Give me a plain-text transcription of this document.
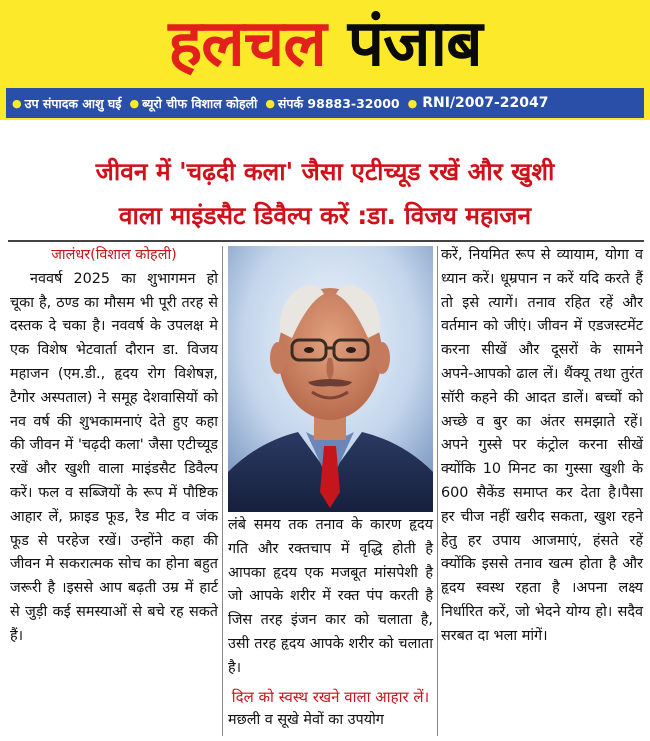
हलचल पंजाब
● उप संपादक आशु घई ● ब्यूरो चीफ विशाल कोहली ● संपर्क 98883-32000 ● RNI/2007-22047
जीवन में 'चढ़दी कला' जैसा एटीच्यूड रखें और खुशी
वाला माइंडसैट डिवैल्प करें :डा. विजय महाजन
जालंधर(विशाल कोहली)

नववर्ष 2025 का शुभागमन हो चूका है, ठण्ड का मौसम भी पूरी तरह से दस्तक दे चका है। नववर्ष के उपलक्ष मे एक विशेष भेटवार्ता दौरान डा. विजय महाजन (एम.डी., हृदय रोग विशेषज्ञ, टैगोर अस्पताल) ने समूह देशवासियों को नव वर्ष की शुभकामनाएं देते हुए कहा की जीवन में 'चढ़दी कला' जैसा एटीच्यूड रखें और खुशी वाला माइंडसैट डिवैल्प करें। फल व सब्जियों के रूप में पौष्टिक आहार लें, फ्राइड फूड, रैड मीट व जंक फूड से परहेज रखें। उन्होंने कहा की जीवन मे सकरात्मक सोच का होना बहुत जरूरी है ।इससे आप बढ़ती उम्र में हार्ट से जुड़ी कई समस्याओं से बचे रह सकते हैं।

लंबे समय तक तनाव के कारण हृदय गति और रक्तचाप में वृद्धि होती है आपका हृदय एक मजबूत मांसपेशी है जो आपके शरीर में रक्त पंप करती है जिस तरह इंजन कार को चलाता है, उसी तरह हृदय आपके शरीर को चलाता है।

दिल को स्वस्थ रखने वाला आहार लें।

मछली व सूखे मेवों का उपयोग

करें, नियमित रूप से व्यायाम, योगा व ध्यान करें। धूम्रपान न करें यदि करते हैं तो इसे त्यागें। तनाव रहित रहें और वर्तमान को जीएं। जीवन में एडजस्टमेंट करना सीखें और दूसरों के सामने अपने-आपको ढाल लें। थैंक्यू तथा तुरंत सॉरी कहने की आदत डालें। बच्चों को अच्छे व बुर का अंतर समझाते रहें। अपने गुस्से पर कंट्रोल करना सीखें क्योंकि 10 मिनट का गुस्सा खुशी के 600 सैकेंड समाप्त कर देता है।पैसा हर चीज नहीं खरीद सकता, खुश रहने हेतु हर उपाय आजमाएं, हंसते रहें क्योंकि इससे तनाव खत्म होता है और हृदय स्वस्थ रहता है ।अपना लक्ष्य निर्धारित करें, जो भेदने योग्य हो। सदैव सरबत दा भला मांगें।
